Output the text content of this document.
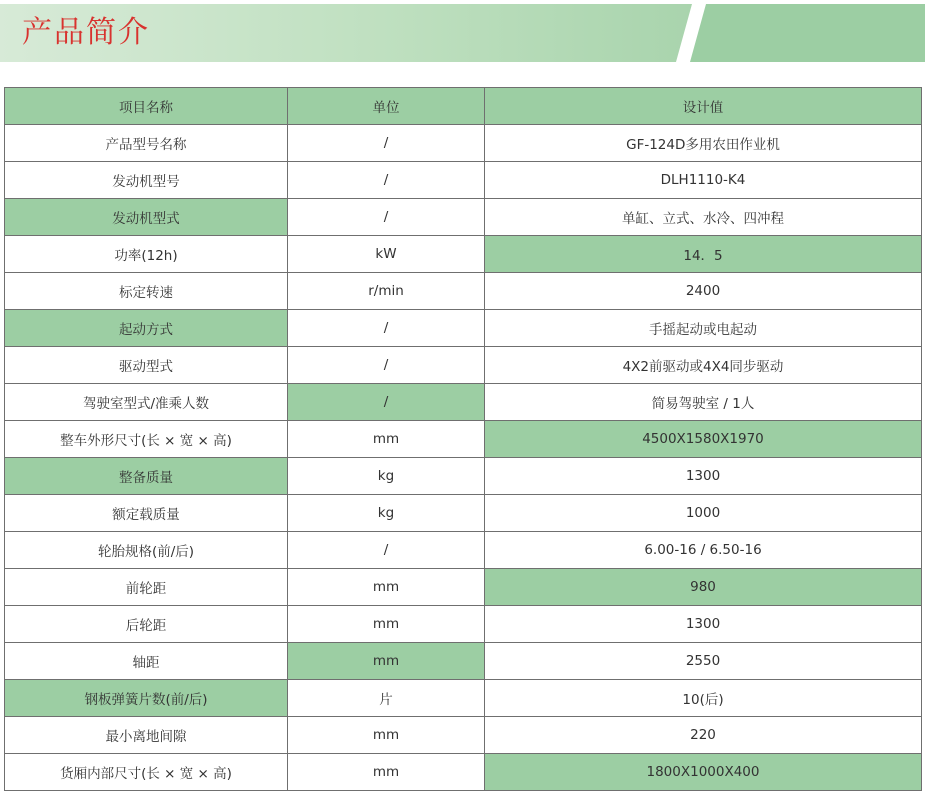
产品简介
项目名称	单位	设计值
产品型号名称	/	GF-124D多用农田作业机
发动机型号	/	DLH1110-K4
发动机型式	/	单缸、立式、水冷、四冲程
功率(12h)	kW	14．5
标定转速	r/min	2400
起动方式	/	手摇起动或电起动
驱动型式	/	4X2前驱动或4X4同步驱动
驾驶室型式/准乘人数	/	简易驾驶室 / 1人
整车外形尺寸(长 × 宽 × 高)	mm	4500X1580X1970
整备质量	kg	1300
额定载质量	kg	1000
轮胎规格(前/后)	/	6.00-16 / 6.50-16
前轮距	mm	980
后轮距	mm	1300
轴距	mm	2550
钢板弹簧片数(前/后)	片	10(后)
最小离地间隙	mm	220
货厢内部尺寸(长 × 宽 × 高)	mm	1800X1000X400
